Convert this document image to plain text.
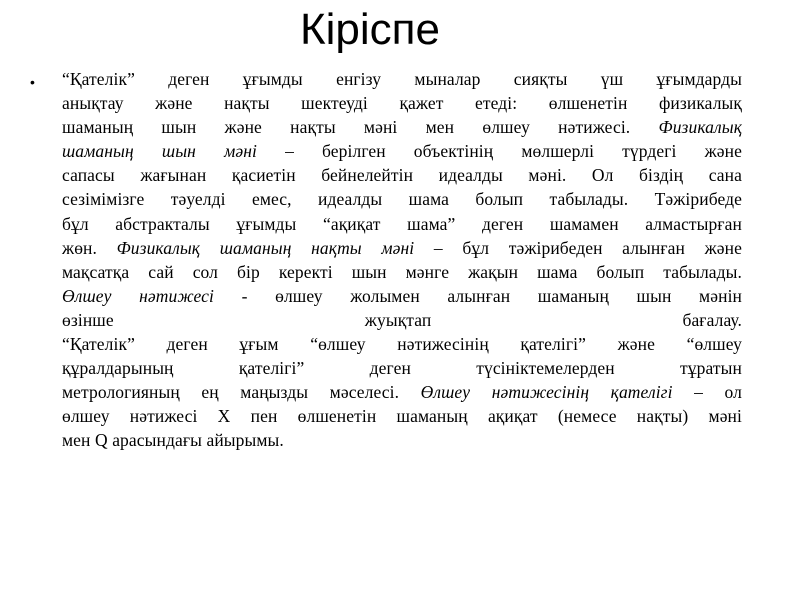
Кіріспе
• “Қателік” деген ұғымды енгізу мыналар сияқты үш ұғымдарды
анықтау және нақты шектеуді қажет етеді: өлшенетін физикалық
шаманың шын және нақты мәні мен өлшеу нәтижесі. Физикалық
шаманың шын мәні – берілген объектінің мөлшерлі түрдегі және
сапасы жағынан қасиетін бейнелейтін идеалды мәні. Ол біздің сана
сезімімізге тәуелді емес, идеалды шама болып табылады. Тәжірибеде
бұл абстракталы ұғымды “ақиқат шама” деген шамамен алмастырған
жөн. Физикалық шаманың нақты мәні – бұл тәжірибеден алынған және
мақсатқа сай сол бір керекті шын мәнге жақын шама болып табылады.
Өлшеу нәтижесі - өлшеу жолымен алынған шаманың шын мәнін
өзінше	жуықтап	бағалау.
“Қателік” деген ұғым “өлшеу нәтижесінің қателігі” және “өлшеу
құралдарының қателігі” деген түсініктемелерден тұратын
метрологияның ең маңызды мәселесі. Өлшеу нәтижесінің қателігі – ол
өлшеу нәтижесі Х пен өлшенетін шаманың ақиқат (немесе нақты) мәні
мен Q арасындағы айырымы.
